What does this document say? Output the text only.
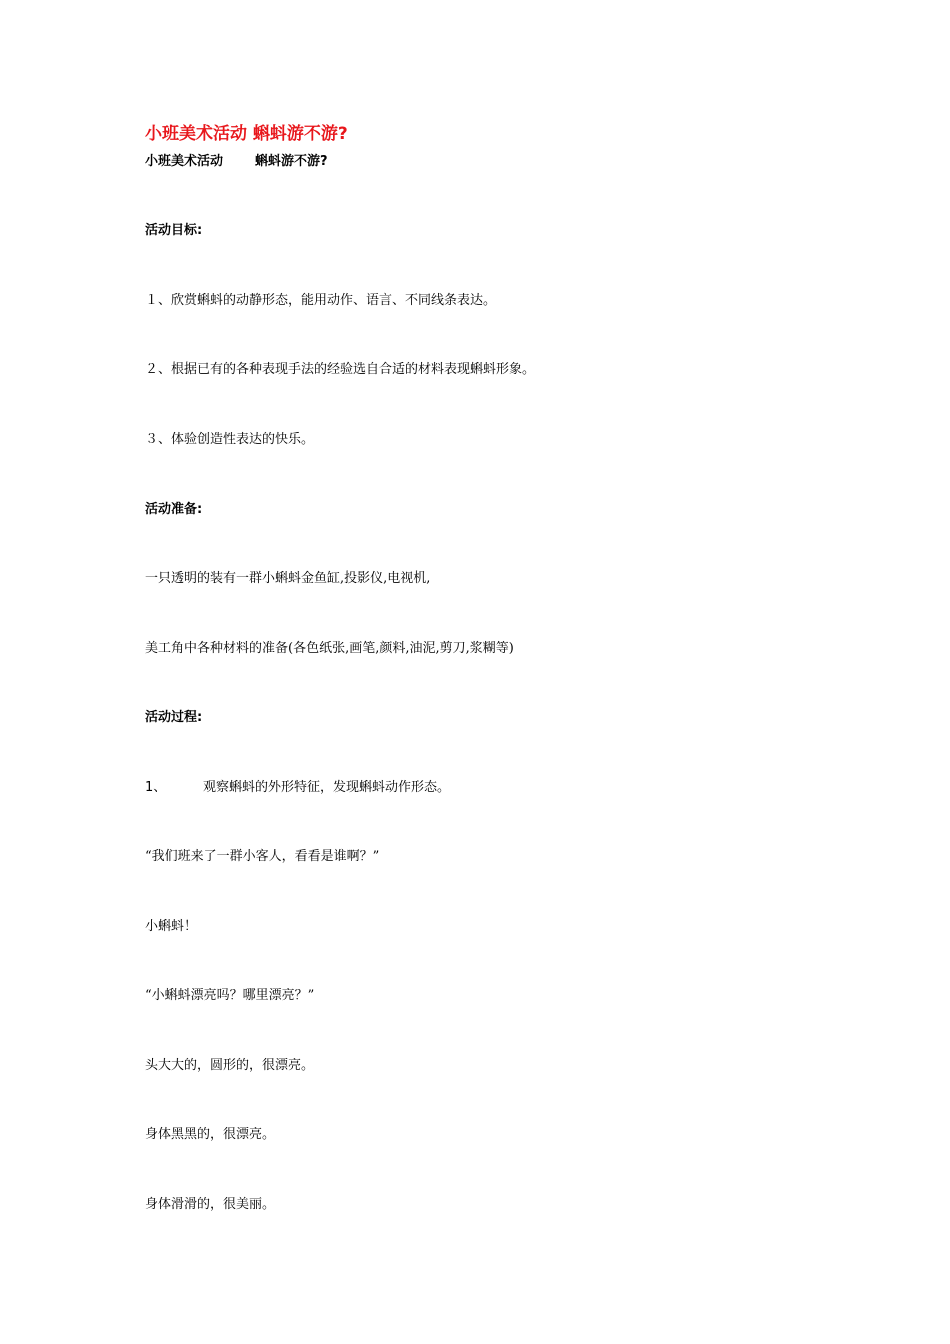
小班美术活动 蝌蚪游不游?
小班美术活动 蝌蚪游不游?
活动目标:
１、欣赏蝌蚪的动静形态，能用动作、语言、不同线条表达。
２、根据已有的各种表现手法的经验选自合适的材料表现蝌蚪形象。
３、体验创造性表达的快乐。
活动准备:
一只透明的装有一群小蝌蚪金鱼缸,投影仪,电视机,
美工角中各种材料的准备(各色纸张,画笔,颜料,油泥,剪刀,浆糊等)
活动过程:
1、	观察蝌蚪的外形特征，发现蝌蚪动作形态。
“我们班来了一群小客人，看看是谁啊？”
小蝌蚪！
“小蝌蚪漂亮吗？哪里漂亮？”
头大大的，圆形的，很漂亮。
身体黑黑的，很漂亮。
身体滑滑的，很美丽。
